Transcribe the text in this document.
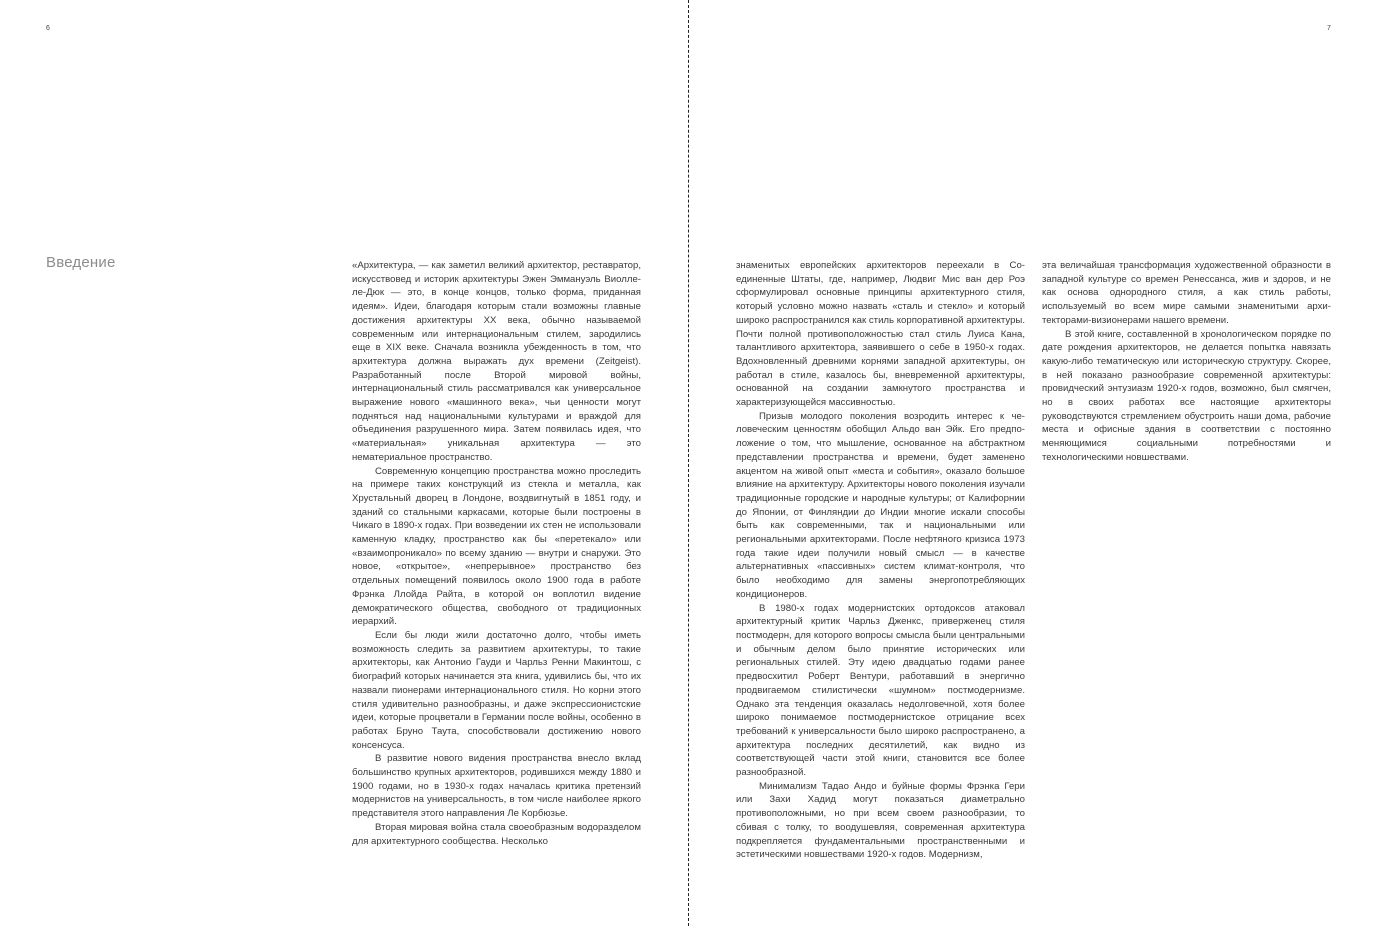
6	7
Введение	«Архитектура, — как заметил великий архитектор, реставратор, искусствовед и историк архитектуры Эжен Эммануэль Виолле-ле-Дюк — это, в конце концов, только форма, приданная идеям». Идеи, благодаря которым стали возможны главные достижения архитектуры XX века, обычно называемой современным или интернациональным стилем, зародились еще в XIX веке. Сначала возникла убежденность в том, что архитектура должна выражать дух времени (Zeitgeist). Разработанный после Второй мировой войны, интернациональный стиль рассматривался как универсальное выражение нового «машинного века», чьи ценности могут подняться над национальными культурами и враждой для объединения разрушенного мира. Затем появилась идея, что «материальная» уникальная архитектура — это нематериальное пространство.

Современную концепцию пространства можно проследить на примере таких конструкций из стекла и металла, как Хрустальный дворец в Лондоне, воздвигнутый в 1851 году, и зданий со стальными каркасами, которые были построены в Чикаго в 1890-х годах. При возведении их стен не использовали каменную кладку, пространство как бы «перетекало» или «взаимопроникало» по всему зданию — внутри и снаружи. Это новое, «открытое», «непрерывное» пространство без отдельных помещений появилось около 1900 года в работе Фрэнка Ллойда Райта, в которой он воплотил видение демократического общества, свободного от традиционных иерархий.

Если бы люди жили достаточно долго, чтобы иметь возможность следить за развитием архитектуры, то такие архитекторы, как Антонио Гауди и Чарльз Ренни Макинтош, с биографий которых начинается эта книга, удивились бы, что их назвали пионерами интернационального стиля. Но корни этого стиля удивительно разнообразны, и даже экспрессионистские идеи, которые процветали в Германии после войны, особенно в работах Бруно Таута, способствовали достижению нового консенсуса.

В развитие нового видения пространства внесло вклад большинство крупных архитекторов, родившихся между 1880 и 1900 годами, но в 1930-х годах началась критика претензий модернистов на универсальность, в том числе наиболее яркого представителя этого направления Ле Корбюзье.

Вторая мировая война стала своеобразным водоразделом для архитектурного сообщества. Несколько

знаменитых европейских архитекторов переехали в Соединенные Штаты, где, например, Людвиг Мис ван дер Роэ сформулировал основные принципы архитектурного стиля, который условно можно назвать «сталь и стекло» и который широко распространился как стиль корпоративной архитектуры. Почти полной противоположностью стал стиль Луиса Кана, талантливого архитектора, заявившего о себе в 1950-х годах. Вдохновленный древними корнями западной архитектуры, он работал в стиле, казалось бы, вневременной архитектуры, основанной на создании замкнутого пространства и характеризующейся массивностью.

Призыв молодого поколения возродить интерес к человеческим ценностям обобщил Альдо ван Эйк. Его предположение о том, что мышление, основанное на абстрактном представлении пространства и времени, будет заменено акцентом на живой опыт «места и события», оказало большое влияние на архитектуру. Архитекторы нового поколения изучали традиционные городские и народные культуры; от Калифорнии до Японии, от Финляндии до Индии многие искали способы быть как современными, так и национальными или региональными архитекторами. После нефтяного кризиса 1973 года такие идеи получили новый смысл — в качестве альтернативных «пассивных» систем климат-контроля, что было необходимо для замены энергопотребляющих кондиционеров.

В 1980-х годах модернистских ортодоксов атаковал архитектурный критик Чарльз Дженкс, приверженец стиля постмодерн, для которого вопросы смысла были центральными и обычным делом было принятие исторических или региональных стилей. Эту идею двадцатью годами ранее предвосхитил Роберт Вентури, работавший в энергично продвигаемом стилистически «шумном» постмодернизме. Однако эта тенденция оказалась недолговечной, хотя более широко понимаемое постмодернистское отрицание всех требований к универсальности было широко распространено, а архитектура последних десятилетий, как видно из соответствующей части этой книги, становится все более разнообразной.

Минимализм Тадао Андо и буйные формы Фрэнка Гери или Захи Хадид могут показаться диаметрально противоположными, но при всем своем разнообразии, то сбивая с толку, то воодушевляя, современная архитектура подкрепляется фундаментальными пространственными и эстетическими новшествами 1920-х годов. Модернизм,

эта величайшая трансформация художественной образности в западной культуре со времен Ренессанса, жив и здоров, и не как основа однородного стиля, а как стиль работы, используемый во всем мире самыми знаменитыми архитекторами-визионерами нашего времени.

В этой книге, составленной в хронологическом порядке по дате рождения архитекторов, не делается попытка навязать какую-либо тематическую или историческую структуру. Скорее, в ней показано разнообразие современной архитектуры: провидческий энтузиазм 1920-х годов, возможно, был смягчен, но в своих работах все настоящие архитекторы руководствуются стремлением обустроить наши дома, рабочие места и офисные здания в соответствии с постоянно меняющимися социальными потребностями и технологическими новшествами.
